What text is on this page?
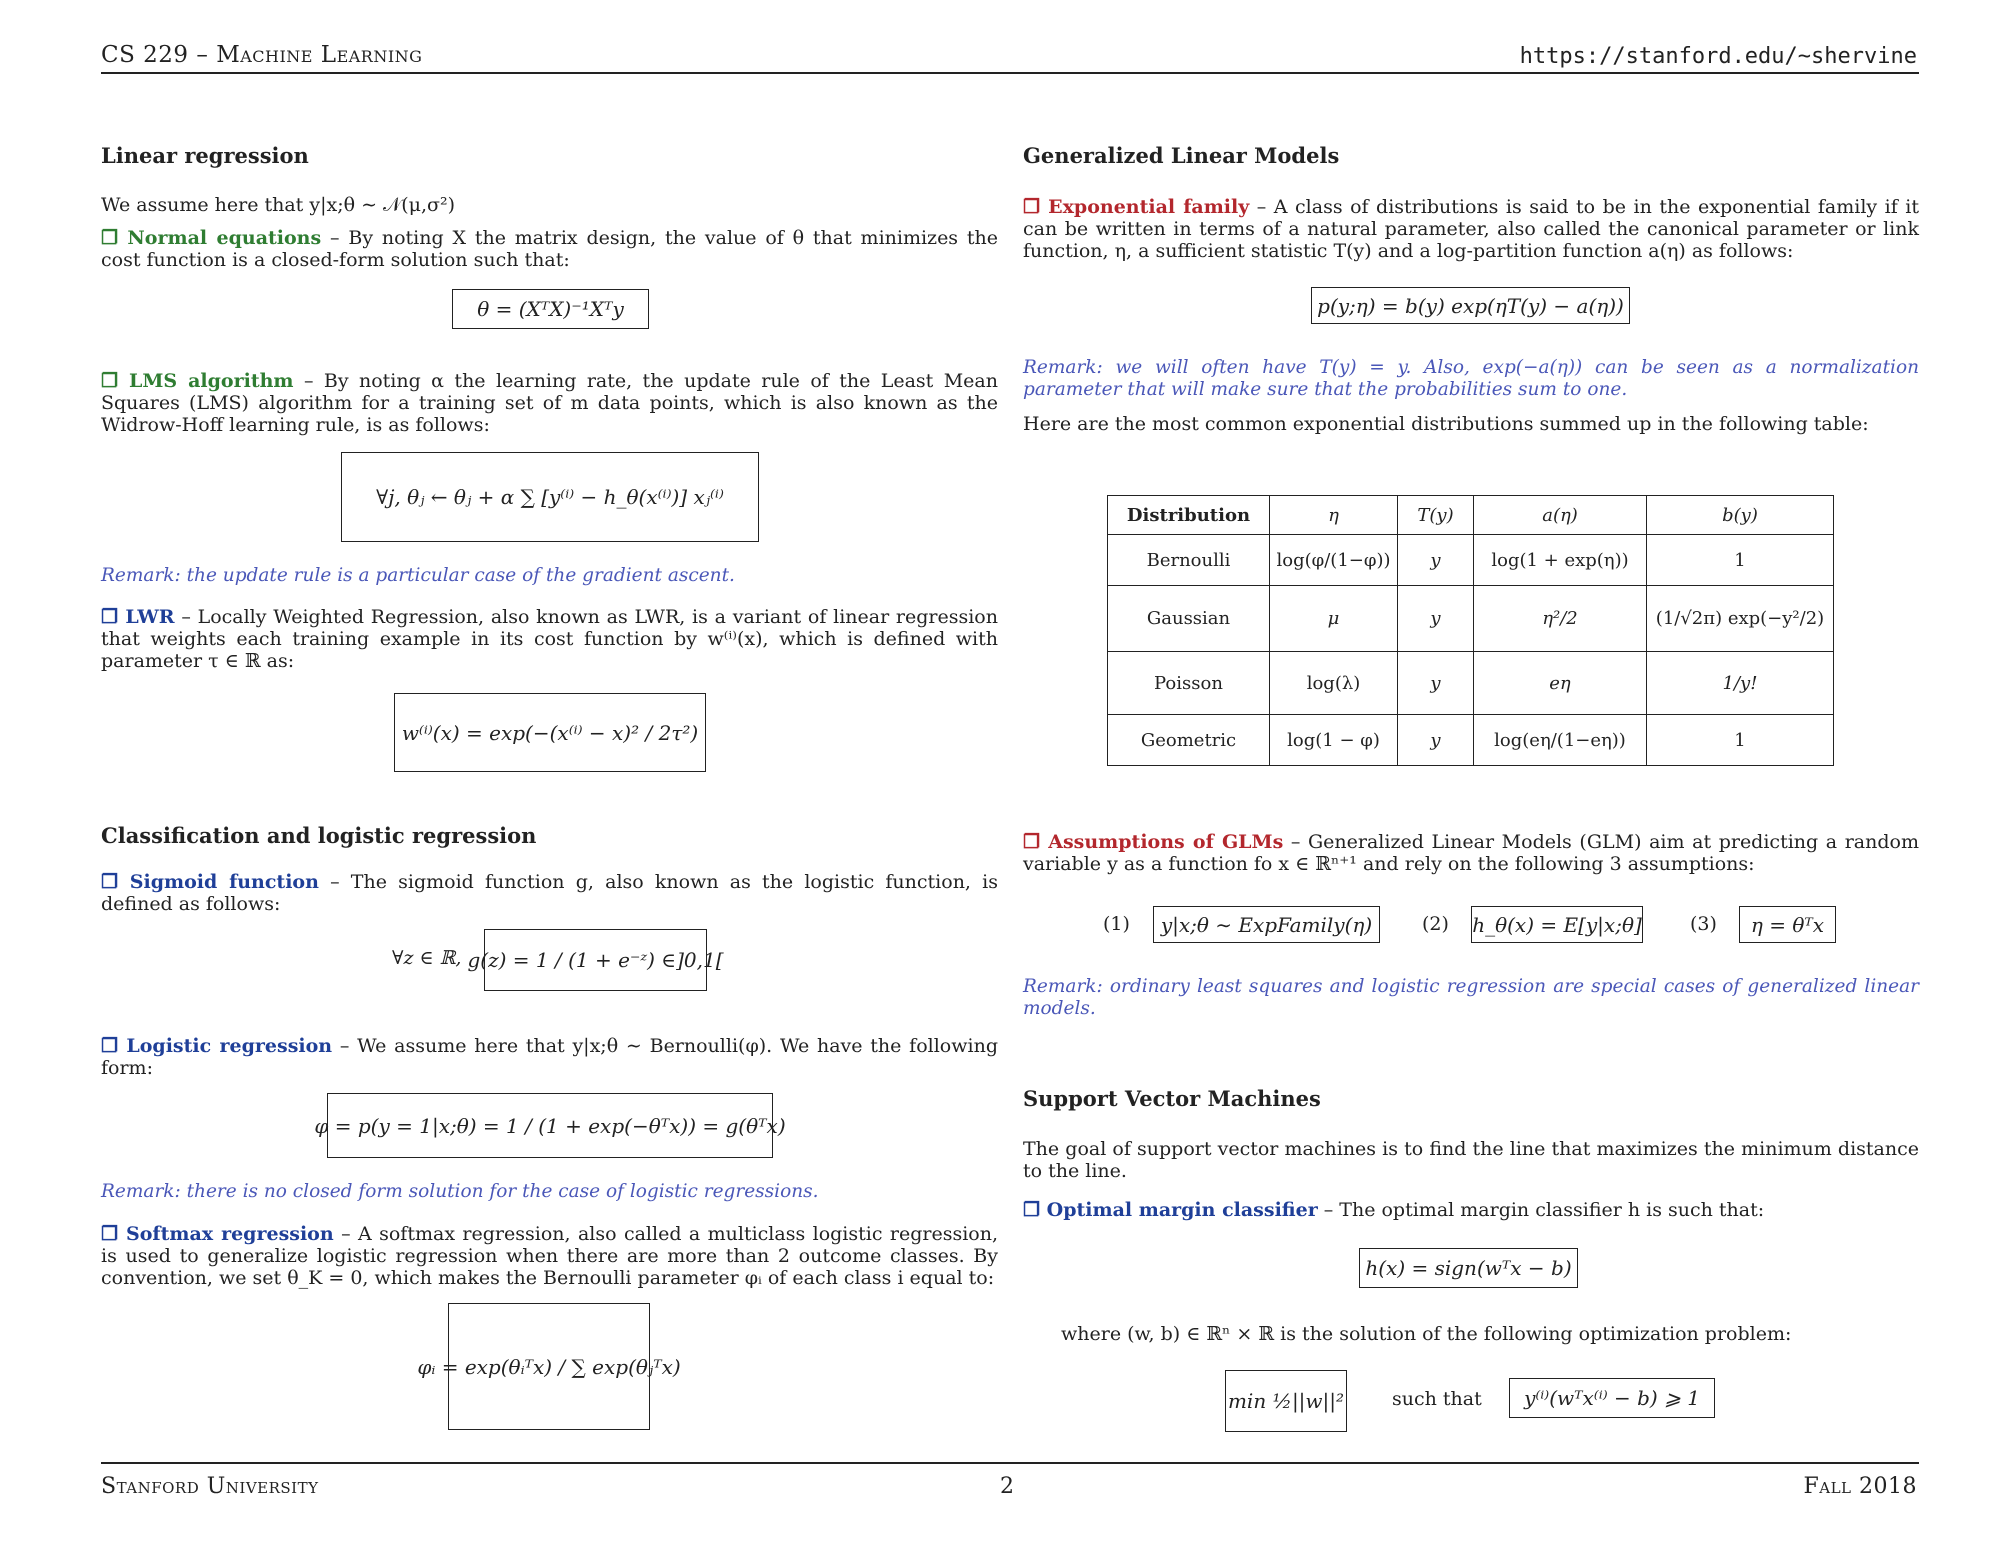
CS 229 – Machine Learning	https://stanford.edu/~shervine
Linear regression
We assume here that y|x;θ ∼ 𝒩(μ,σ²)
❐ Normal equations – By noting X the matrix design, the value of θ that minimizes the cost function is a closed-form solution such that:
θ = (XᵀX)⁻¹Xᵀy
❐ LMS algorithm – By noting α the learning rate, the update rule of the Least Mean Squares (LMS) algorithm for a training set of m data points, which is also known as the Widrow-Hoff learning rule, is as follows:
∀j, θⱼ ← θⱼ + α ∑ [y⁽ⁱ⁾ − h_θ(x⁽ⁱ⁾)] xⱼ⁽ⁱ⁾
Remark: the update rule is a particular case of the gradient ascent.
❐ LWR – Locally Weighted Regression, also known as LWR, is a variant of linear regression that weights each training example in its cost function by w⁽ⁱ⁾(x), which is defined with parameter τ ∈ ℝ as:
w⁽ⁱ⁾(x) = exp(−(x⁽ⁱ⁾ − x)² / 2τ²)
Classification and logistic regression
❐ Sigmoid function – The sigmoid function g, also known as the logistic function, is defined as follows:
∀z ∈ ℝ, g(z) = 1 / (1 + e⁻ᶻ) ∈]0,1[
❐ Logistic regression – We assume here that y|x;θ ∼ Bernoulli(φ). We have the following form:
φ = p(y = 1|x;θ) = 1 / (1 + exp(−θᵀx)) = g(θᵀx)
Remark: there is no closed form solution for the case of logistic regressions.
❐ Softmax regression – A softmax regression, also called a multiclass logistic regression, is used to generalize logistic regression when there are more than 2 outcome classes. By convention, we set θ_K = 0, which makes the Bernoulli parameter φᵢ of each class i equal to:
φᵢ = exp(θᵢᵀx) / ∑ exp(θⱼᵀx)
Generalized Linear Models
❐ Exponential family – A class of distributions is said to be in the exponential family if it can be written in terms of a natural parameter, also called the canonical parameter or link function, η, a sufficient statistic T(y) and a log-partition function a(η) as follows:
p(y;η) = b(y) exp(ηT(y) − a(η))
Remark: we will often have T(y) = y. Also, exp(−a(η)) can be seen as a normalization parameter that will make sure that the probabilities sum to one.
Here are the most common exponential distributions summed up in the following table:
Distribution	η	T(y)	a(η)	b(y)
Bernoulli	log(φ/(1−φ))	y	log(1 + exp(η))	1
Gaussian	μ	y	η²/2	(1/√2π) exp(−y²/2)
Poisson	log(λ)	y	eη	1/y!
Geometric	log(1 − φ)	y	log(eη/(1−eη))	1
❐ Assumptions of GLMs – Generalized Linear Models (GLM) aim at predicting a random variable y as a function fo x ∈ ℝⁿ⁺¹ and rely on the following 3 assumptions:
(1) y|x;θ ∼ ExpFamily(η)	(2) h_θ(x) = E[y|x;θ]	(3) η = θᵀx
Remark: ordinary least squares and logistic regression are special cases of generalized linear models.
Support Vector Machines
The goal of support vector machines is to find the line that maximizes the minimum distance to the line.
❐ Optimal margin classifier – The optimal margin classifier h is such that:
h(x) = sign(wᵀx − b)
where (w, b) ∈ ℝⁿ × ℝ is the solution of the following optimization problem:
min ½||w||²	such that y⁽ⁱ⁾(wᵀx⁽ⁱ⁾ − b) ⩾ 1
Stanford University	2	Fall 2018
